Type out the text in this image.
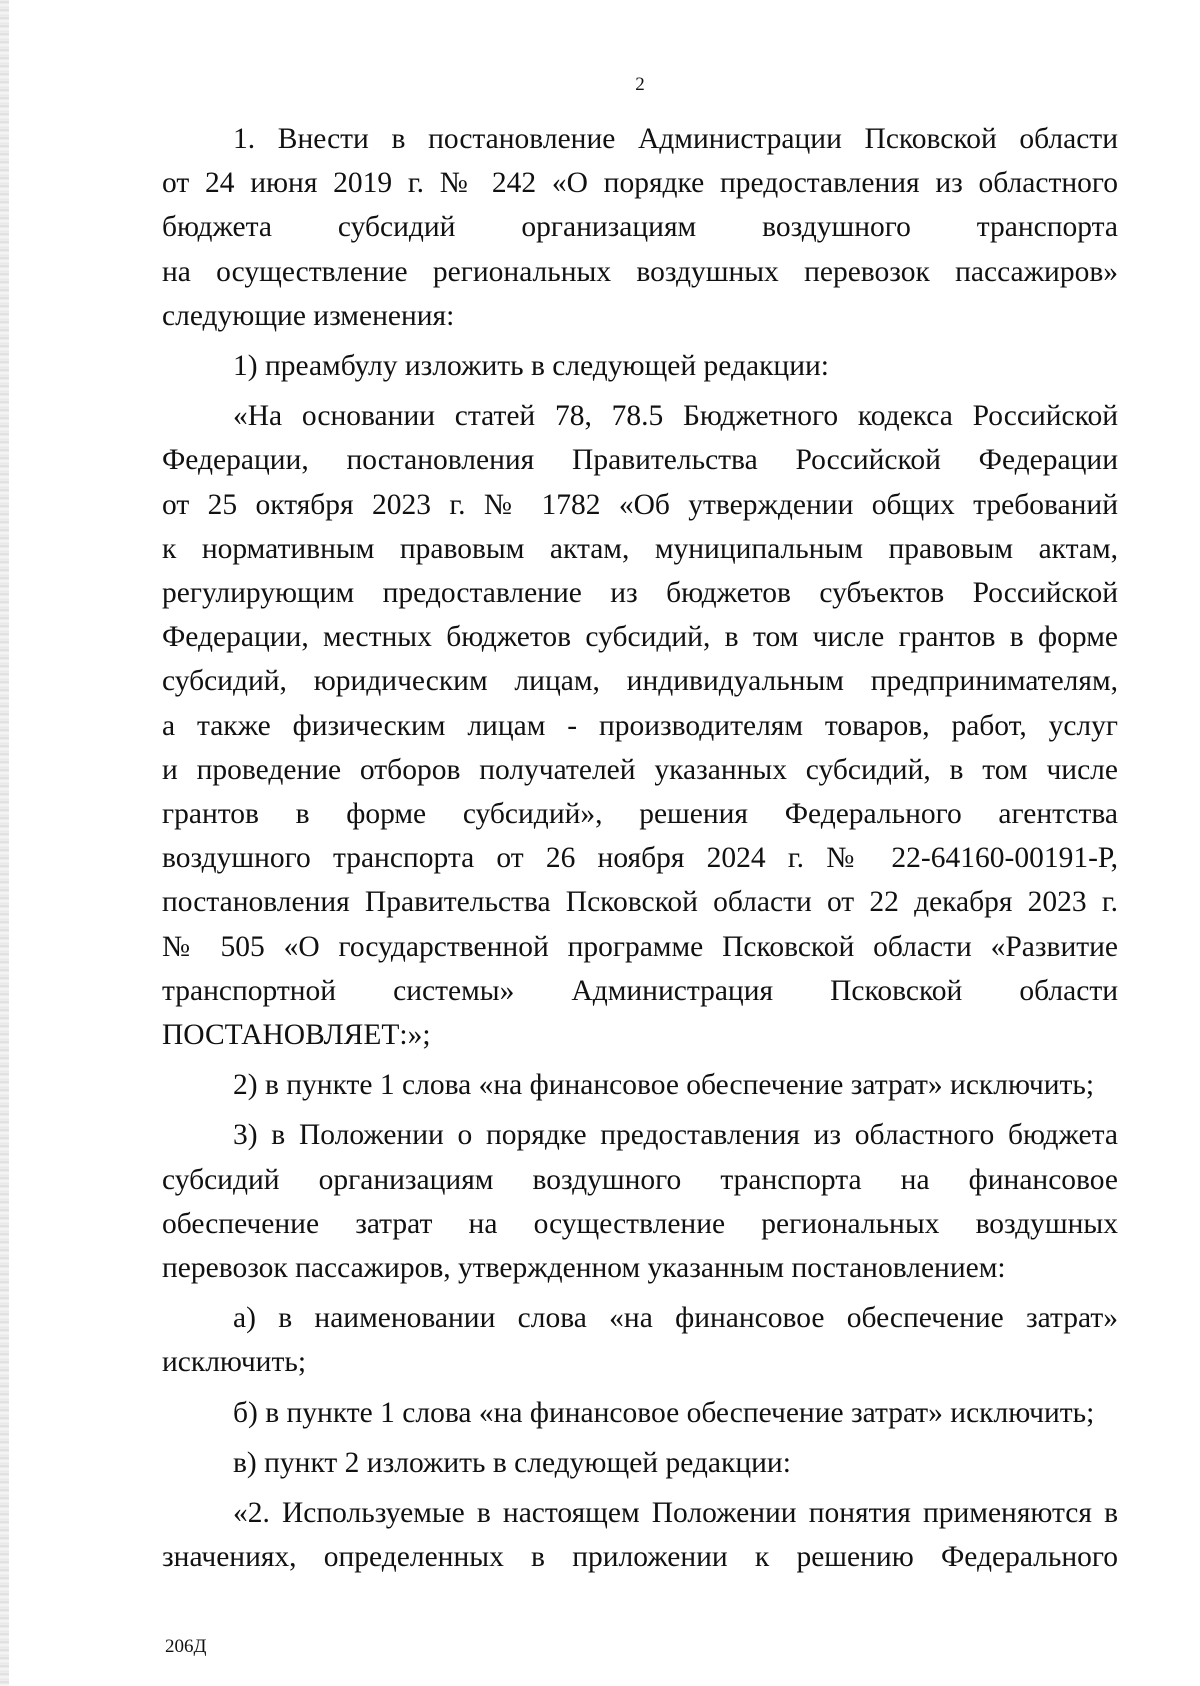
2
1. Внести в постановление Администрации Псковской области
от 24 июня 2019 г. № 242 «О порядке предоставления из областного
бюджета субсидий организациям воздушного транспорта
на осуществление региональных воздушных перевозок пассажиров»
следующие изменения:
1) преамбулу изложить в следующей редакции:
«На основании статей 78, 78.5 Бюджетного кодекса Российской
Федерации, постановления Правительства Российской Федерации
от 25 октября 2023 г. № 1782 «Об утверждении общих требований
к нормативным правовым актам, муниципальным правовым актам,
регулирующим предоставление из бюджетов субъектов Российской
Федерации, местных бюджетов субсидий, в том числе грантов в форме
субсидий, юридическим лицам, индивидуальным предпринимателям,
а также физическим лицам - производителям товаров, работ, услуг
и проведение отборов получателей указанных субсидий, в том числе
грантов в форме субсидий», решения Федерального агентства
воздушного транспорта от 26 ноября 2024 г. № 22-64160-00191-Р,
постановления Правительства Псковской области от 22 декабря 2023 г.
№ 505 «О государственной программе Псковской области «Развитие
транспортной системы» Администрация Псковской области
ПОСТАНОВЛЯЕТ:»;
2) в пункте 1 слова «на финансовое обеспечение затрат» исключить;
3) в Положении о порядке предоставления из областного бюджета
субсидий организациям воздушного транспорта на финансовое
обеспечение затрат на осуществление региональных воздушных
перевозок пассажиров, утвержденном указанным постановлением:
а) в наименовании слова «на финансовое обеспечение затрат»
исключить;
б) в пункте 1 слова «на финансовое обеспечение затрат» исключить;
в) пункт 2 изложить в следующей редакции:
«2. Используемые в настоящем Положении понятия применяются в
значениях, определенных в приложении к решению Федерального
206Д
